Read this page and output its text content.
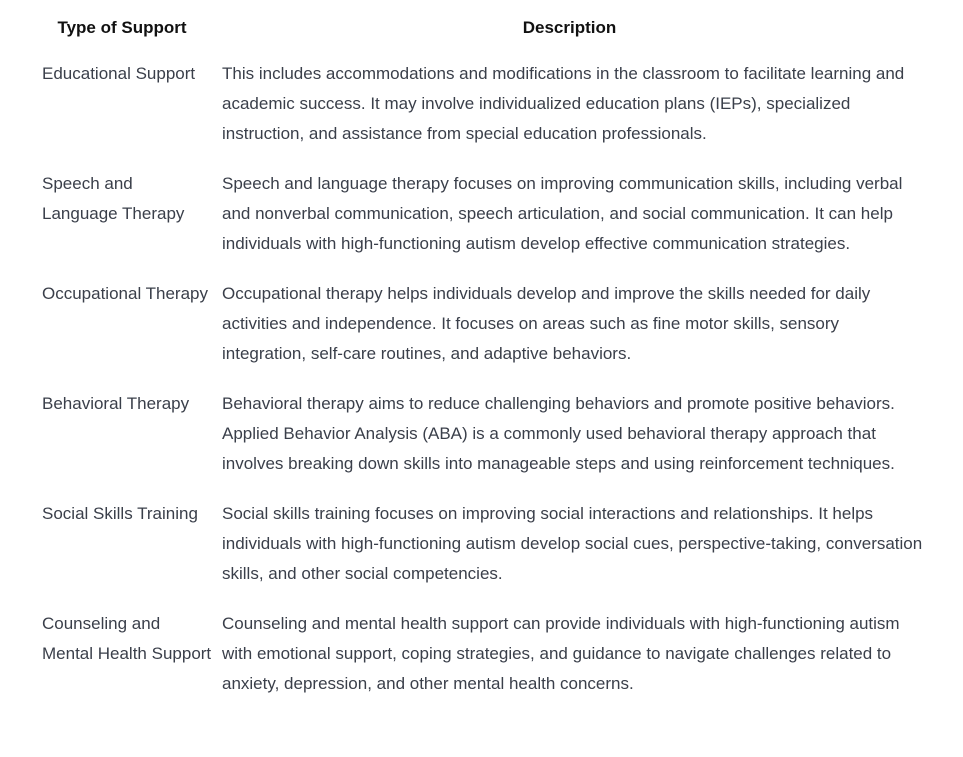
Type of Support	Description
Educational Support	This includes accommodations and modifications in the classroom to facilitate learning and academic success. It may involve individualized education plans (IEPs), specialized instruction, and assistance from special education professionals.
Speech and Language Therapy	Speech and language therapy focuses on improving communication skills, including verbal and nonverbal communication, speech articulation, and social communication. It can help individuals with high-functioning autism develop effective communication strategies.
Occupational Therapy	Occupational therapy helps individuals develop and improve the skills needed for daily activities and independence. It focuses on areas such as fine motor skills, sensory integration, self-care routines, and adaptive behaviors.
Behavioral Therapy	Behavioral therapy aims to reduce challenging behaviors and promote positive behaviors. Applied Behavior Analysis (ABA) is a commonly used behavioral therapy approach that involves breaking down skills into manageable steps and using reinforcement techniques.
Social Skills Training	Social skills training focuses on improving social interactions and relationships. It helps individuals with high-functioning autism develop social cues, perspective-taking, conversation skills, and other social competencies.
Counseling and Mental Health Support	Counseling and mental health support can provide individuals with high-functioning autism with emotional support, coping strategies, and guidance to navigate challenges related to anxiety, depression, and other mental health concerns.
